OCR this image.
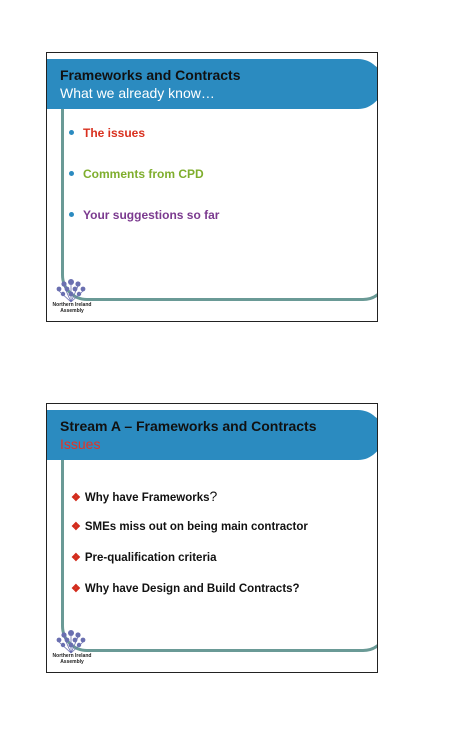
Frameworks and Contracts
What we already know…
The issues
Comments from CPD
Your suggestions so far
Northern Ireland
Assembly
Stream A – Frameworks and Contracts
Issues
❖ Why have Frameworks?
❖ SMEs miss out on being main contractor
❖ Pre-qualification criteria
❖ Why have Design and Build Contracts?
Northern Ireland
Assembly
